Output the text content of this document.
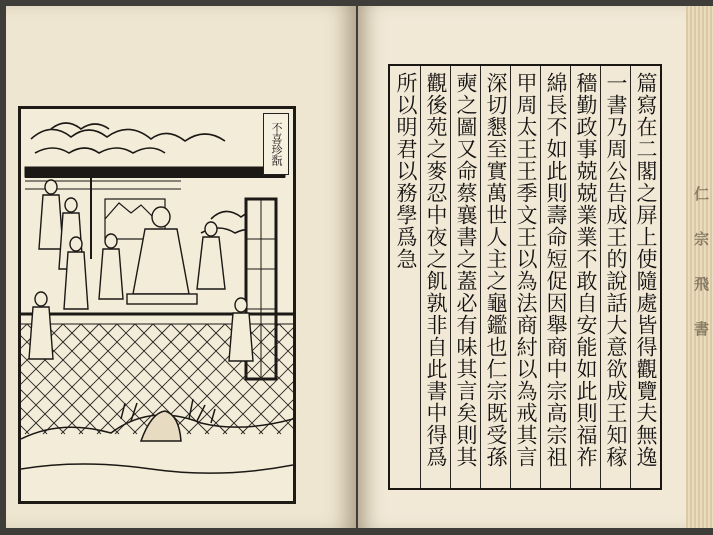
不喜珍翫	篇寫在二閣之屏上使隨處皆得觀覽夫無逸
一書乃周公告成王的說話大意欲成王知稼
穡勤政事兢兢業業不敢自安能如此則福祚
綿長不如此則壽命短促因舉商中宗高宗祖
甲周太王王季文王以為法商紂以為戒其言
深切懇至實萬世人主之龜鑑也仁宗既受孫
奭之圖又命蔡襄書之蓋必有味其言矣則其
觀後苑之麥忍中夜之飢孰非自此書中得爲
所以明君以務學爲急
仁宗飛書
